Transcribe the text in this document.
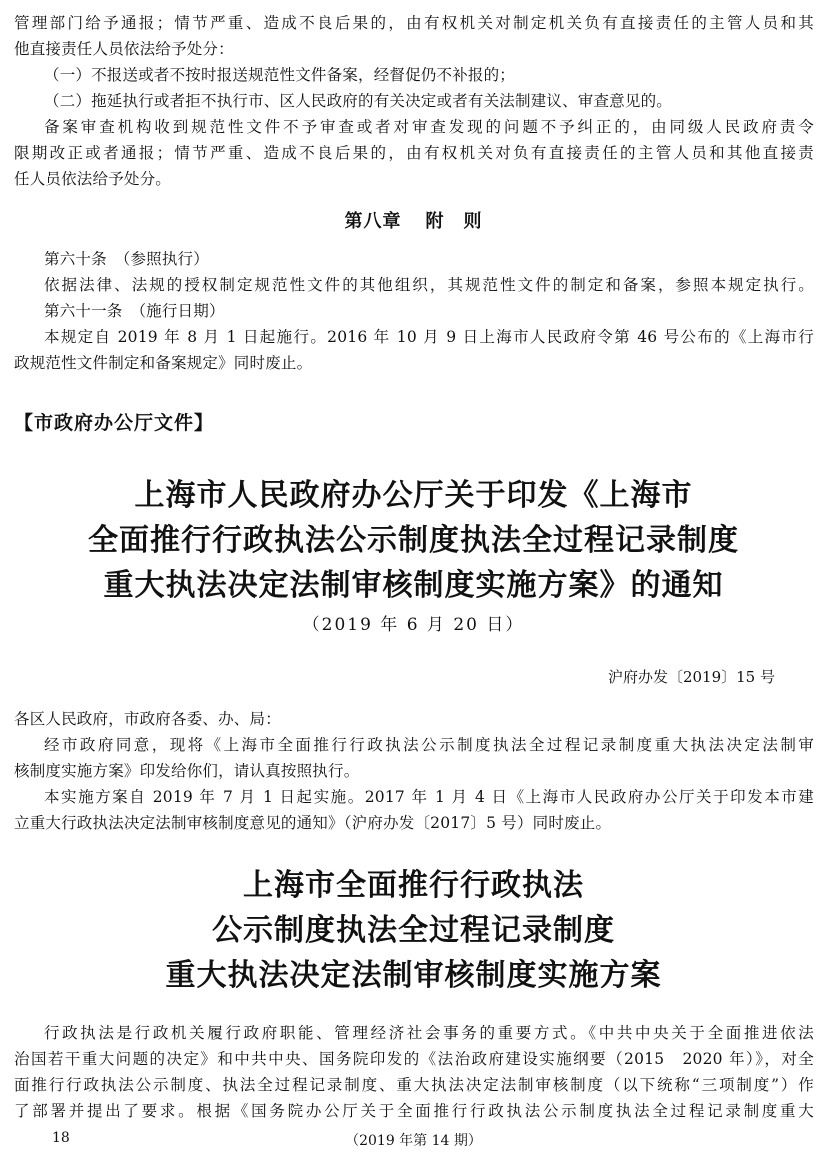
管理部门给予通报；情节严重、造成不良后果的，由有权机关对制定机关负有直接责任的主管人员和其
他直接责任人员依法给予处分：
（一）不报送或者不按时报送规范性文件备案，经督促仍不补报的；
（二）拖延执行或者拒不执行市、区人民政府的有关决定或者有关法制建议、审查意见的。
备案审查机构收到规范性文件不予审查或者对审查发现的问题不予纠正的，由同级人民政府责令
限期改正或者通报；情节严重、造成不良后果的，由有权机关对负有直接责任的主管人员和其他直接责
任人员依法给予处分。
第八章 附　则
第六十条　（参照执行）
依据法律、法规的授权制定规范性文件的其他组织，其规范性文件的制定和备案，参照本规定执行。
第六十一条　（施行日期）
本规定自 2019 年 8 月 1 日起施行。2016 年 10 月 9 日上海市人民政府令第 46 号公布的《上海市行
政规范性文件制定和备案规定》同时废止。
【市政府办公厅文件】
上海市人民政府办公厅关于印发《上海市
全面推行行政执法公示制度执法全过程记录制度
重大执法决定法制审核制度实施方案》的通知
（2019 年 6 月 20 日）
沪府办发〔2019〕15 号
各区人民政府，市政府各委、办、局：
经市政府同意，现将《上海市全面推行行政执法公示制度执法全过程记录制度重大执法决定法制审
核制度实施方案》印发给你们，请认真按照执行。
本实施方案自 2019 年 7 月 1 日起实施。2017 年 1 月 4 日《上海市人民政府办公厅关于印发本市建
立重大行政执法决定法制审核制度意见的通知》（沪府办发〔2017〕5 号）同时废止。
上海市全面推行行政执法
公示制度执法全过程记录制度
重大执法决定法制审核制度实施方案
行政执法是行政机关履行政府职能、管理经济社会事务的重要方式。《中共中央关于全面推进依法
治国若干重大问题的决定》和中共中央、国务院印发的《法治政府建设实施纲要（2015　2020 年）》，对全
面推行行政执法公示制度、执法全过程记录制度、重大执法决定法制审核制度（以下统称“三项制度”）作
了部署并提出了要求。根据《国务院办公厅关于全面推行行政执法公示制度执法全过程记录制度重大
18	（2019 年第 14 期）
